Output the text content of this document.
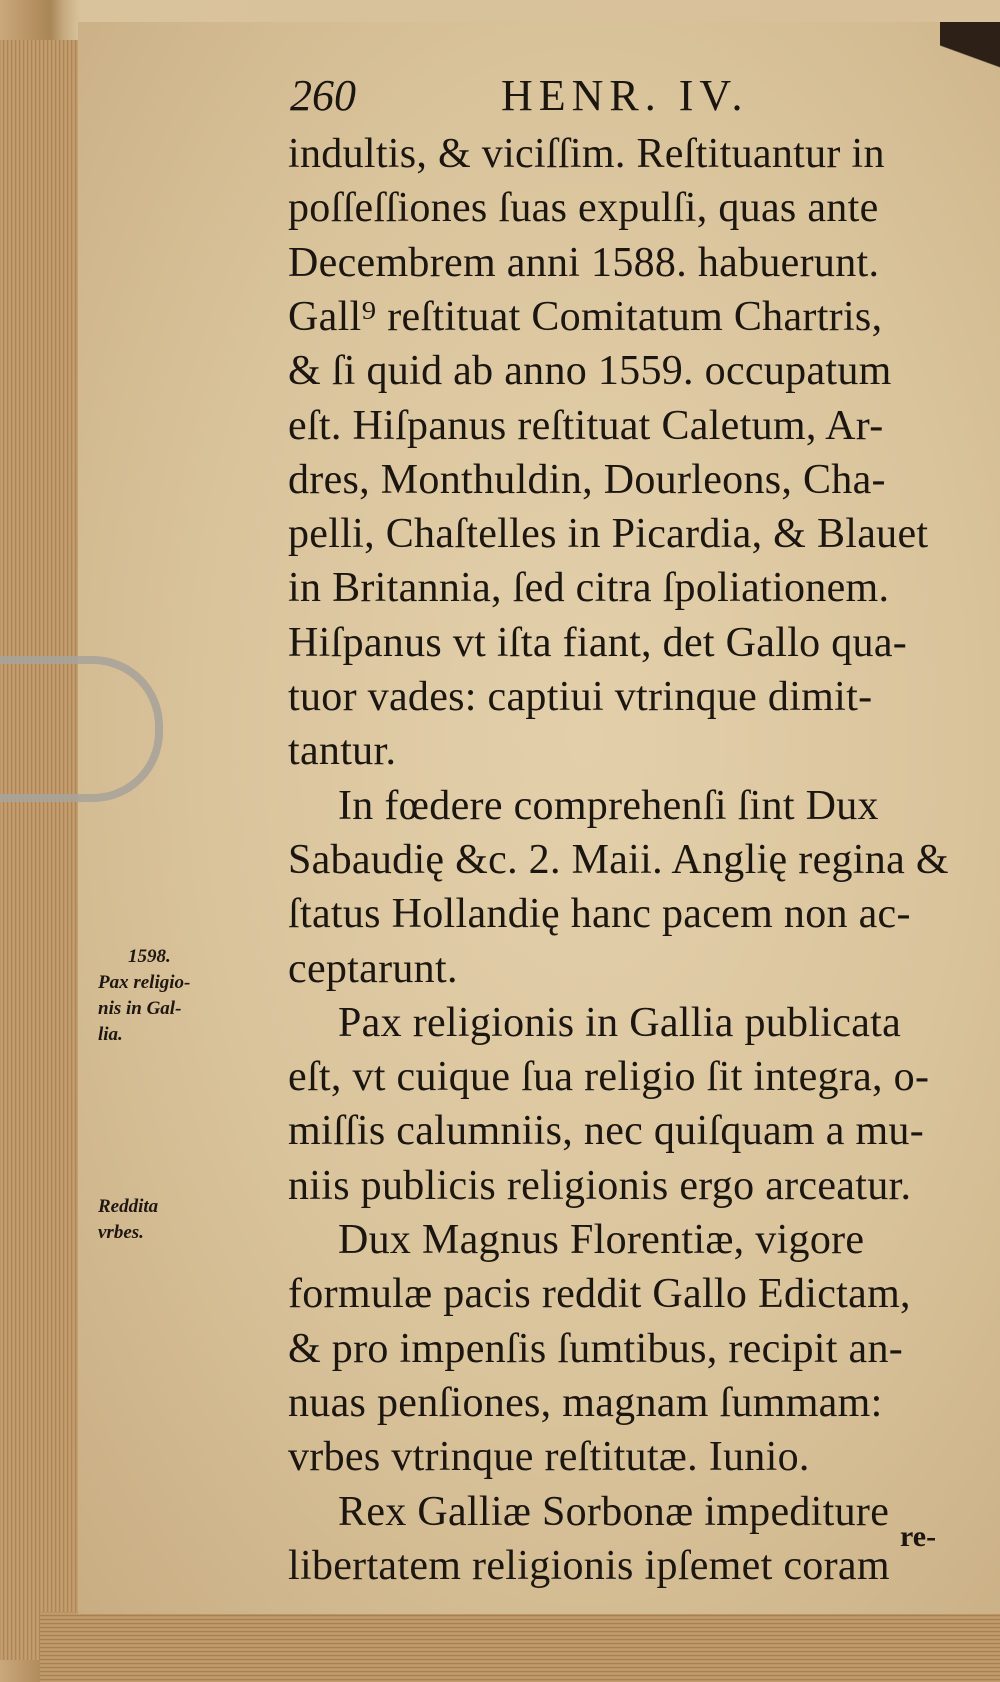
260	HENR. IV.
indultis, & viciſſim. Reſtituantur in
poſſeſſiones ſuas expulſi, quas ante
Decembrem anni 1588. habuerunt.
Gall⁹ reſtituat Comitatum Chartris,
& ſi quid ab anno 1559. occupatum
eſt. Hiſpanus reſtituat Caletum, Ar-
dres, Monthuldin, Dourleons, Cha-
pelli, Chaſtelles in Picardia, & Blauet
in Britannia, ſed citra ſpoliationem.
Hiſpanus vt iſta fiant, det Gallo qua-
tuor vades: captiui vtrinque dimit-
tantur.
In fœdere comprehenſi ſint Dux
Sabaudię &c. 2. Maii. Anglię regina &
ſtatus Hollandię hanc pacem non ac-
ceptarunt.
Pax religionis in Gallia publicata
eſt, vt cuique ſua religio ſit integra, o-
miſſis calumniis, nec quiſquam a mu-
niis publicis religionis ergo arceatur.
Dux Magnus Florentiæ, vigore
formulæ pacis reddit Gallo Edictam,
& pro impenſis ſumtibus, recipit an-
nuas penſiones, magnam ſummam:
vrbes vtrinque reſtitutæ. Iunio.
Rex Galliæ Sorbonæ impediture
libertatem religionis ipſemet coram
1598.
Pax religio-
nis in Gal-
lia.
Reddita
vrbes.
re-
